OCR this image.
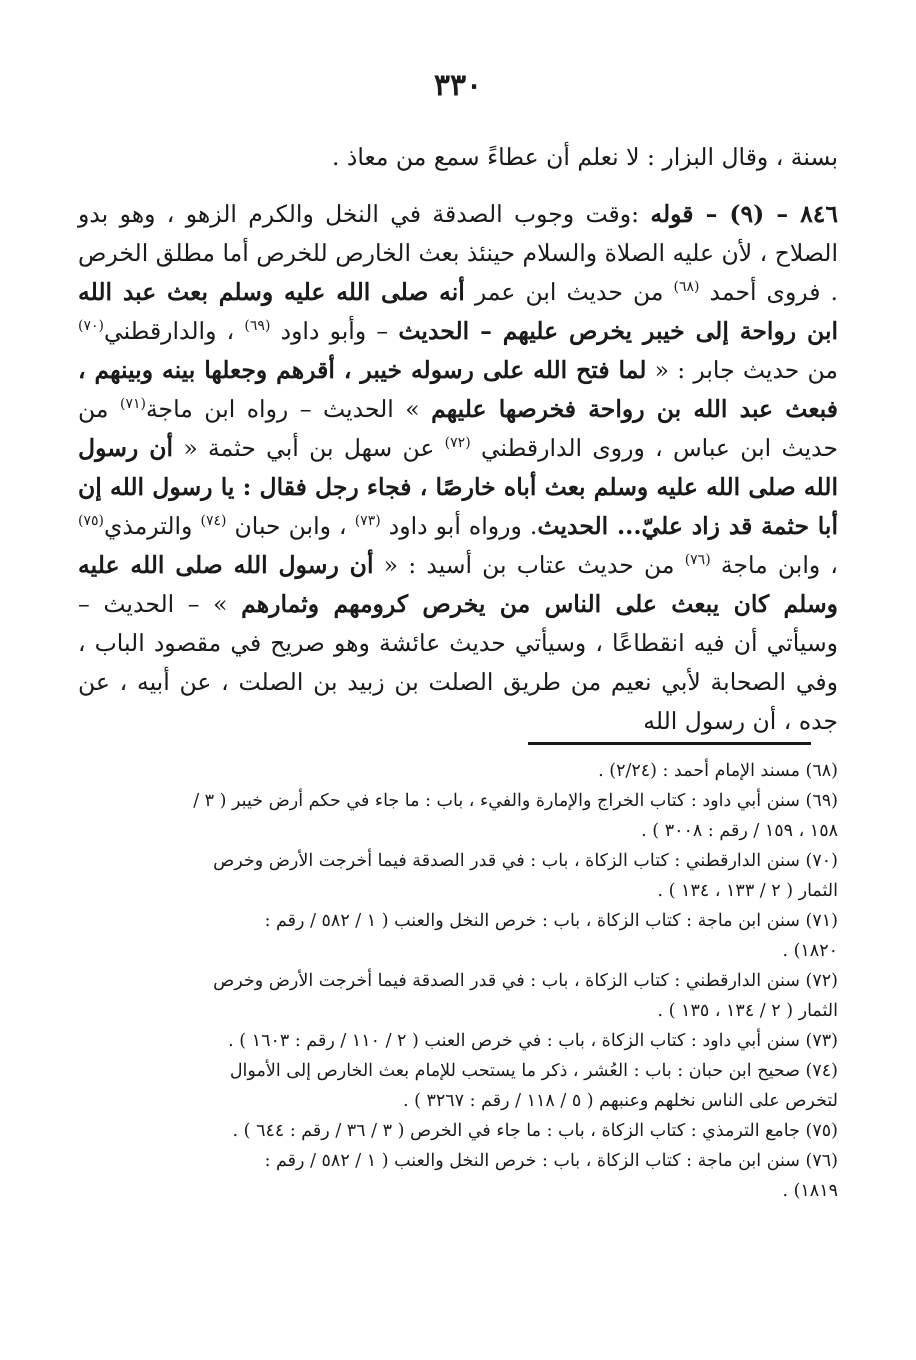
٣٣٠

بسنة ، وقال البزار : لا نعلم أن عطاءً سمع من معاذ .

٨٤٦ – (٩) – قوله :وقت وجوب الصدقة في النخل والكرم الزهو ، وهو بدو الصلاح ، لأن عليه الصلاة والسلام حينئذ بعث الخارص للخرص أما مطلق الخرص . فروى أحمد $^{(٦٨)}$ من حديث ابن عمر أنه صلى الله عليه وسلم بعث عبد الله ابن رواحة إلى خيبر يخرص عليهم – الحديث – وأبو داود $^{(٦٩)}$ ، والدارقطني$^{(٧٠)}$ من حديث جابر : « لما فتح الله على رسوله خيبر ، أقرهم وجعلها بينه وبينهم ، فبعث عبد الله بن رواحة فخرصها عليهم » الحديث – رواه ابن ماجة$^{(٧١)}$ من حديث ابن عباس ، وروى الدارقطني $^{(٧٢)}$ عن سهل بن أبي حثمة « أن رسول الله صلى الله عليه وسلم بعث أباه خارصًا ، فجاء رجل فقال : يا رسول الله إن أبا حثمة قد زاد عليّ... الحديث. ورواه أبو داود $^{(٧٣)}$ ، وابن حبان $^{(٧٤)}$ والترمذي$^{(٧٥)}$ ، وابن ماجة $^{(٧٦)}$ من حديث عتاب بن أسيد : « أن رسول الله صلى الله عليه وسلم كان يبعث على الناس من يخرص كرومهم وثمارهم » – الحديث – وسيأتي أن فيه انقطاعًا ، وسيأتي حديث عائشة وهو صريح في مقصود الباب ، وفي الصحابة لأبي نعيم من طريق الصلت بن زبيد بن الصلت ، عن أبيه ، عن جده ، أن رسول الله

(٦٨) مسند الإمام أحمد : (٢/٢٤) .

(٦٩) سنن أبي داود : كتاب الخراج والإمارة والفيء ، باب : ما جاء في حكم أرض خيبر ( ٣ /

١٥٨ ، ١٥٩ / رقم : ٣٠٠٨ ) .

(٧٠) سنن الدارقطني : كتاب الزكاة ، باب : في قدر الصدقة فيما أخرجت الأرض وخرص

الثمار ( ٢ / ١٣٣ ، ١٣٤ ) .

(٧١) سنن ابن ماجة : كتاب الزكاة ، باب : خرص النخل والعنب ( ١ / ٥٨٢ / رقم :

١٨٢٠) .

(٧٢) سنن الدارقطني : كتاب الزكاة ، باب : في قدر الصدقة فيما أخرجت الأرض وخرص

الثمار ( ٢ / ١٣٤ ، ١٣٥ ) .

(٧٣) سنن أبي داود : كتاب الزكاة ، باب : في خرص العنب ( ٢ / ١١٠ / رقم : ١٦٠٣ ) .

(٧٤) صحيح ابن حبان : باب : العُشر ، ذكر ما يستحب للإمام بعث الخارص إلى الأموال

لتخرص على الناس نخلهم وعنبهم ( ٥ / ١١٨ / رقم : ٣٢٦٧ ) .

(٧٥) جامع الترمذي : كتاب الزكاة ، باب : ما جاء في الخرص ( ٣ / ٣٦ / رقم : ٦٤٤ ) .

(٧٦) سنن ابن ماجة : كتاب الزكاة ، باب : خرص النخل والعنب ( ١ / ٥٨٢ / رقم :

١٨١٩) .
